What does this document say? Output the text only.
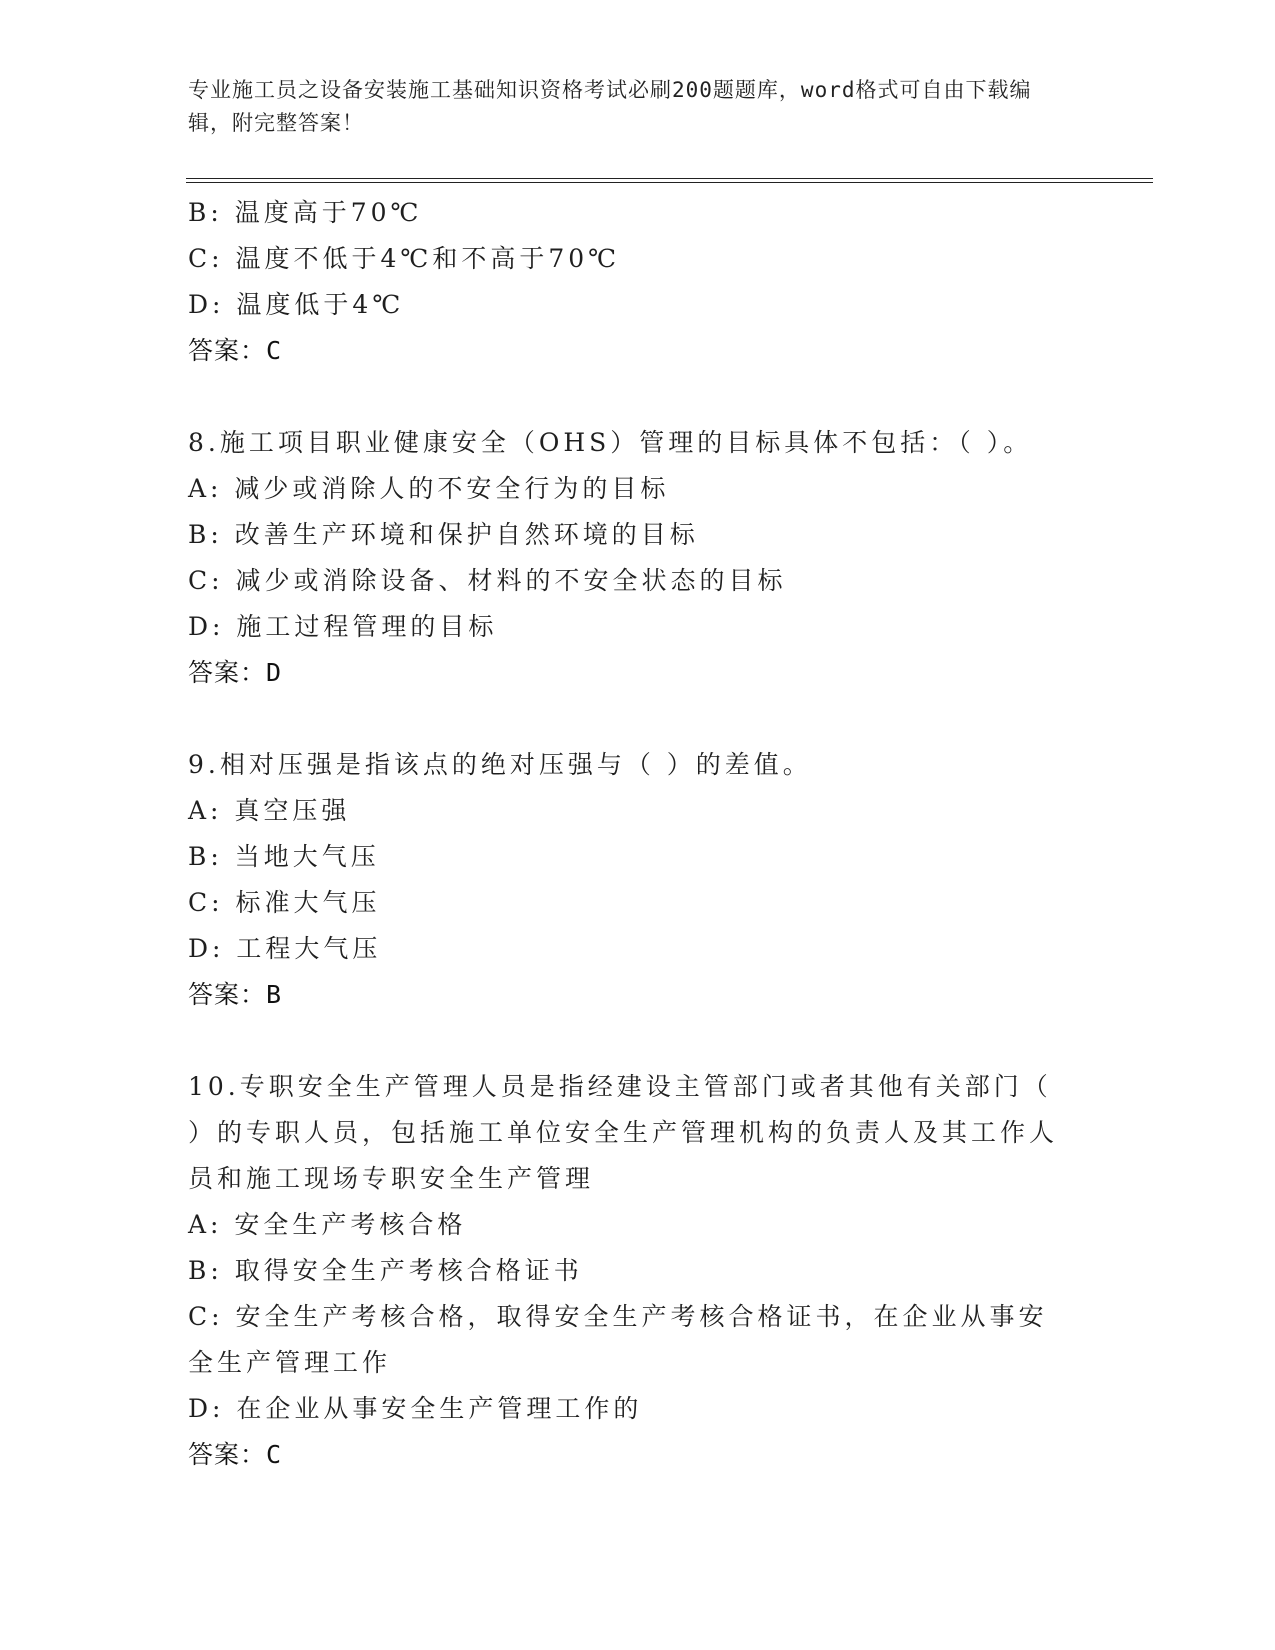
专业施工员之设备安装施工基础知识资格考试必刷200题题库，word格式可自由下载编辑，附完整答案！
B: 温度高于70℃
C: 温度不低于4℃和不高于70℃
D: 温度低于4℃
答案：C
8.施工项目职业健康安全（OHS）管理的目标具体不包括：（ ）。
A: 减少或消除人的不安全行为的目标
B: 改善生产环境和保护自然环境的目标
C: 减少或消除设备、材料的不安全状态的目标
D: 施工过程管理的目标
答案：D
9.相对压强是指该点的绝对压强与（ ）的差值。
A: 真空压强
B: 当地大气压
C: 标准大气压
D: 工程大气压
答案：B
10.专职安全生产管理人员是指经建设主管部门或者其他有关部门（ ）的专职人员，包括施工单位安全生产管理机构的负责人及其工作人员和施工现场专职安全生产管理
A: 安全生产考核合格
B: 取得安全生产考核合格证书
C: 安全生产考核合格，取得安全生产考核合格证书，在企业从事安全生产管理工作
D: 在企业从事安全生产管理工作的
答案：C
